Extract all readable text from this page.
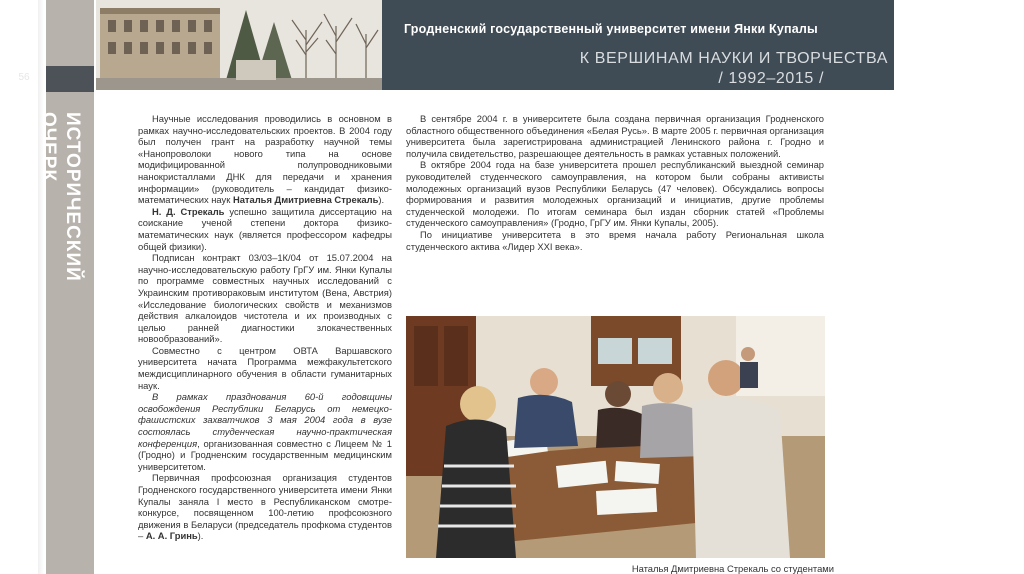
56
ИСТОРИЧЕСКИЙ ОЧЕРК
Гродненский государственный университет имени Янки Купалы
К ВЕРШИНАМ НАУКИ И ТВОРЧЕСТВА
/ 1992–2015 /

Научные исследования проводились в основном в рамках научно-исследовательских проектов. В 2004 году был получен грант на разработку научной темы «Нанопроволоки нового типа на основе модифицированной полупроводниковыми нанокристаллами ДНК для передачи и хранения информации» (руководитель – кандидат физико-математических наук Наталья Дмитриевна Стрекаль).

Н. Д. Стрекаль успешно защитила диссертацию на соискание ученой степени доктора физико-математических наук (является профессором кафедры общей физики).

Подписан контракт 03/03–1К/04 от 15.07.2004 на научно-исследовательскую работу ГрГУ им. Янки Купалы по программе совместных научных исследований с Украинским противораковым институтом (Вена, Австрия) «Исследование биологических свойств и механизмов действия алкалоидов чистотела и их производных с целью ранней диагностики злокачественных новообразований».

Совместно с центром ОВТА Варшавского университета начата Программа межфакультетского междисциплинарного обучения в области гуманитарных наук.

В рамках празднования 60-й годовщины освобождения Республики Беларусь от немецко-фашистских захватчиков 3 мая 2004 года в вузе состоялась студенческая научно-практическая конференция, организованная совместно с Лицеем № 1 (Гродно) и Гродненским государственным медицинским университетом.

Первичная профсоюзная организация студентов Гродненского государственного университета имени Янки Купалы заняла I место в Республиканском смотре-конкурсе, посвященном 100-летию профсоюзного движения в Беларуси (председатель профкома студентов – А. А. Гринь).

В сентябре 2004 г. в университете была создана первичная организация Гродненского областного общественного объединения «Белая Русь». В марте 2005 г. первичная организация университета была зарегистрирована администрацией Ленинского района г. Гродно и получила свидетельство, разрешающее деятельность в рамках уставных положений.

В октябре 2004 года на базе университета прошел республиканский выездной семинар руководителей студенческого самоуправления, на котором были собраны активисты молодежных организаций вузов Республики Беларусь (47 человек). Обсуждались вопросы формирования и развития молодежных организаций и инициатив, другие проблемы студенческой молодежи. По итогам семинара был издан сборник статей «Проблемы студенческого самоуправления» (Гродно, ГрГУ им. Янки Купалы, 2005).

По инициативе университета в это время начала работу Региональная школа студенческого актива «Лидер XXI века».

Наталья Дмитриевна Стрекаль со студентами
